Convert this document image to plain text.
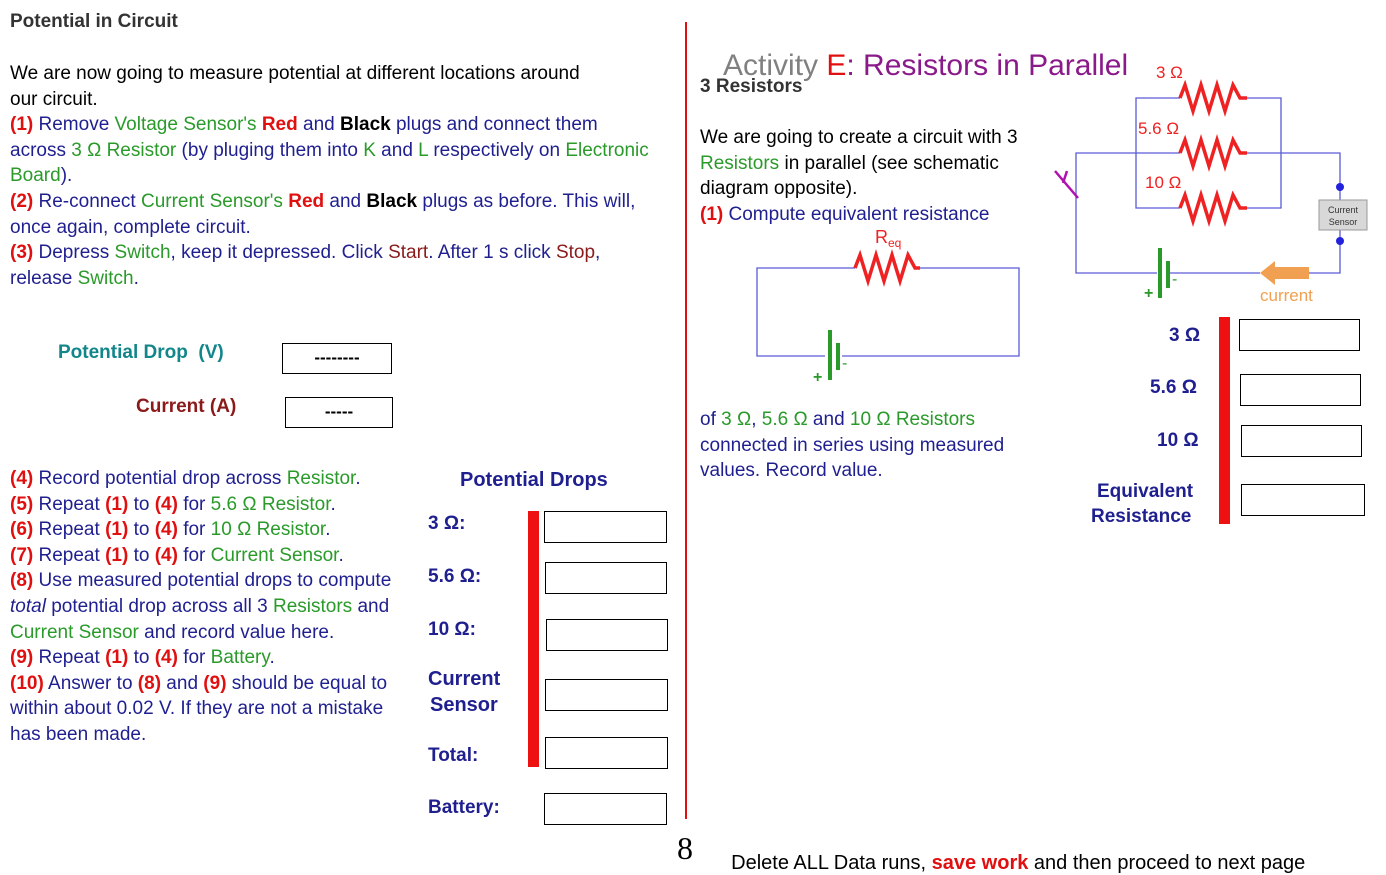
Potential in Circuit
We are now going to measure potential at different locations around our circuit.
(1) Remove Voltage Sensor's Red and Black plugs and connect them across 3 Ω Resistor (by pluging them into K and L respectively on Electronic Board).
(2) Re-connect Current Sensor's Red and Black plugs as before. This will, once again, complete circuit.
(3) Depress Switch, keep it depressed. Click Start. After 1 s click Stop, release Switch.
Potential Drop  (V)	--------
Current (A)	-----
(4) Record potential drop across Resistor.
(5) Repeat (1) to (4) for 5.6 Ω Resistor.
(6) Repeat (1) to (4) for 10 Ω Resistor.
(7) Repeat (1) to (4) for Current Sensor.
(8) Use measured potential drops to compute total potential drop across all 3 Resistors and Current Sensor and record value here.
(9) Repeat (1) to (4) for Battery.
(10) Answer to (8) and (9) should be equal to within about 0.02 V. If they are not a mistake has been made.
Potential Drops
3 Ω:
5.6 Ω:
10 Ω:
Current
Sensor
Total:
Battery:

Activity E: Resistors in Parallel

3 Resistors
We are going to create a circuit with 3 Resistors in parallel (see schematic diagram opposite).
(1) Compute equivalent resistance
of 3 Ω, 5.6 Ω and 10 Ω Resistors connected in series using measured values. Record value.
$R_{eq}$
+
-
3 Ω
5.6 Ω
10 Ω
+
-
current
Current
Sensor
3 Ω
5.6 Ω
10 Ω
Equivalent
Resistance
8	Delete ALL Data runs, save work and then proceed to next page
